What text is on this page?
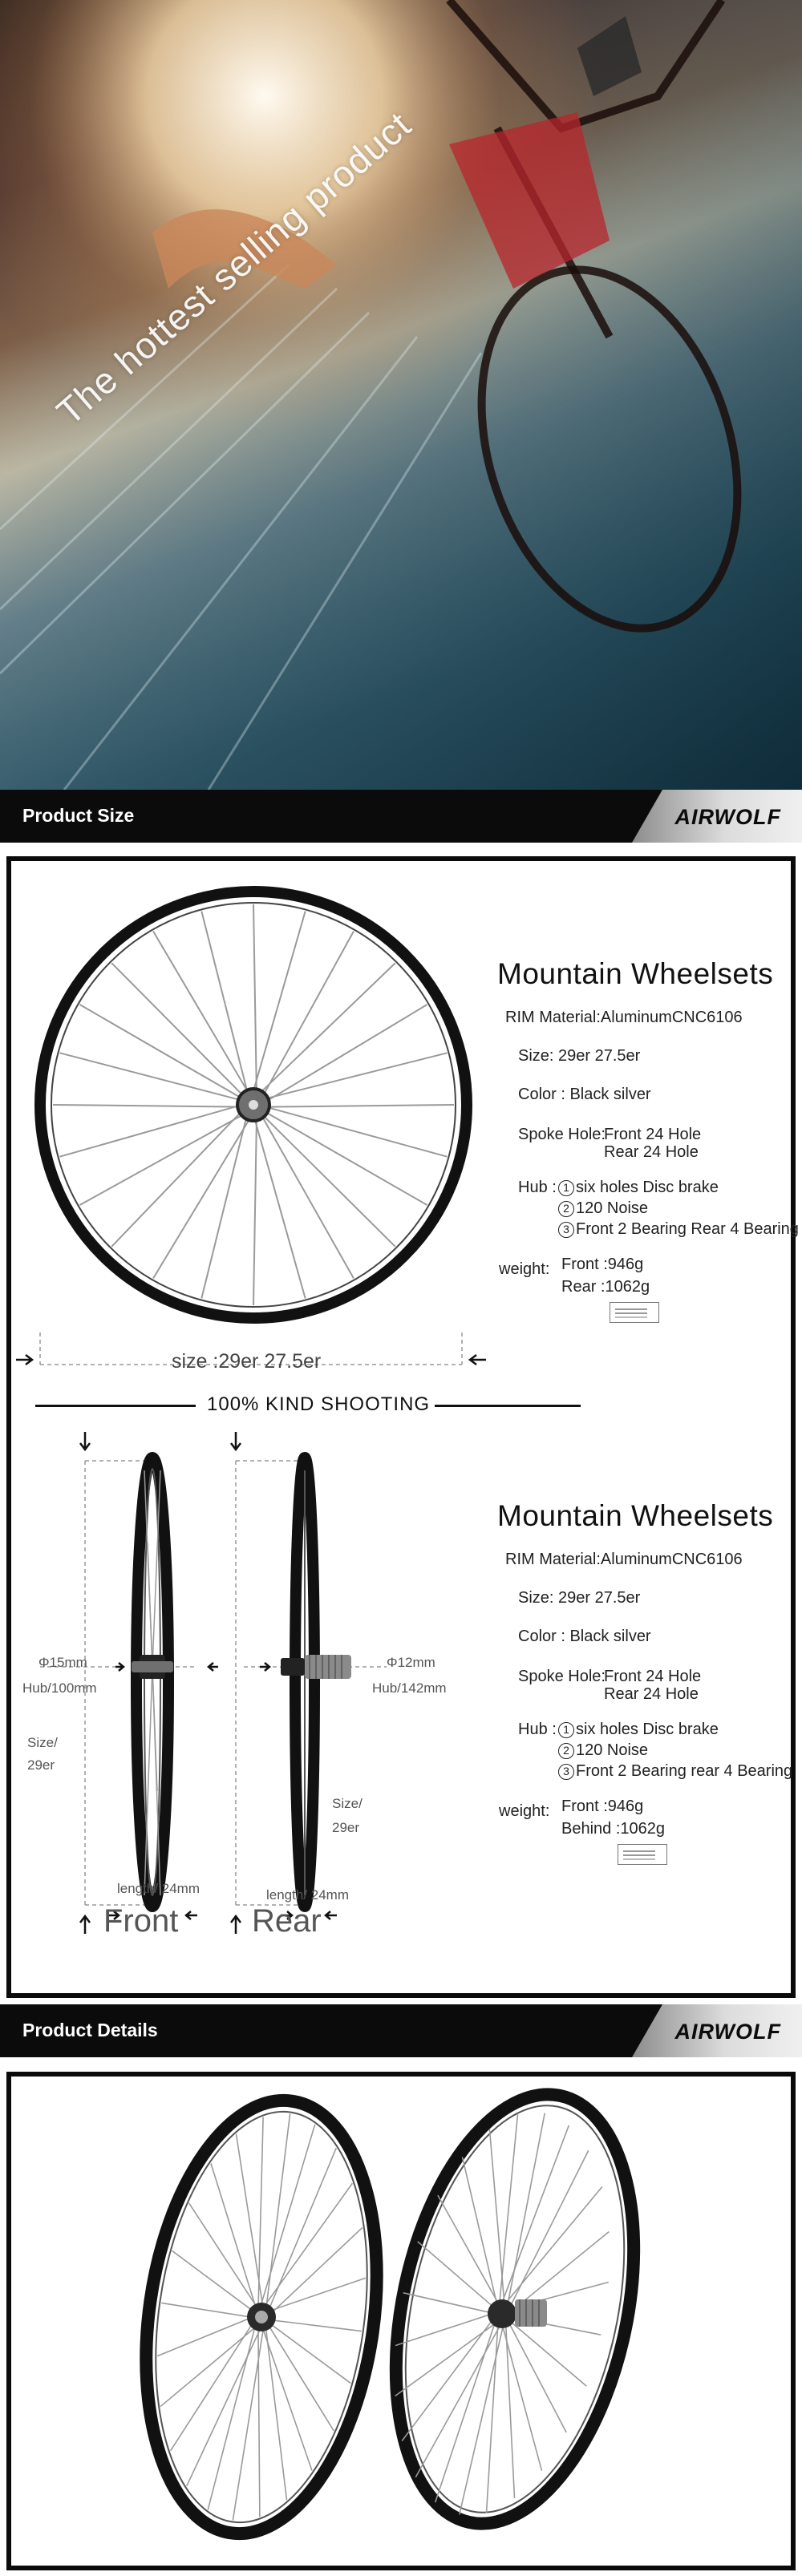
The hottest selling product
Product Size	AIRWOLF
size :29er 27.5er
Mountain Wheelsets
RIM Material:AluminumCNC6106
Size: 29er 27.5er
Color : Black silver
Spoke Hole:
Front 24 Hole
Rear 24 Hole
Hub : 1 six holes Disc brake
2 120 Noise
3 Front 2 Bearing Rear 4 Bearing
weight: Front :946g
Rear :1062g
100% KIND SHOOTING
Φ15mm
Hub/100mm
Size/
29er
length/ 24mm
Front
Φ12mm
Hub/142mm
Size/
29er
length/ 24mm
Rear
Mountain Wheelsets
RIM Material:AluminumCNC6106
Size: 29er 27.5er
Color : Black silver
Spoke Hole:
Front 24 Hole
Rear 24 Hole
Hub : 1 six holes Disc brake
2 120 Noise
3 Front 2 Bearing rear 4 Bearing
weight: Front :946g
Behind :1062g
Product Details	AIRWOLF
